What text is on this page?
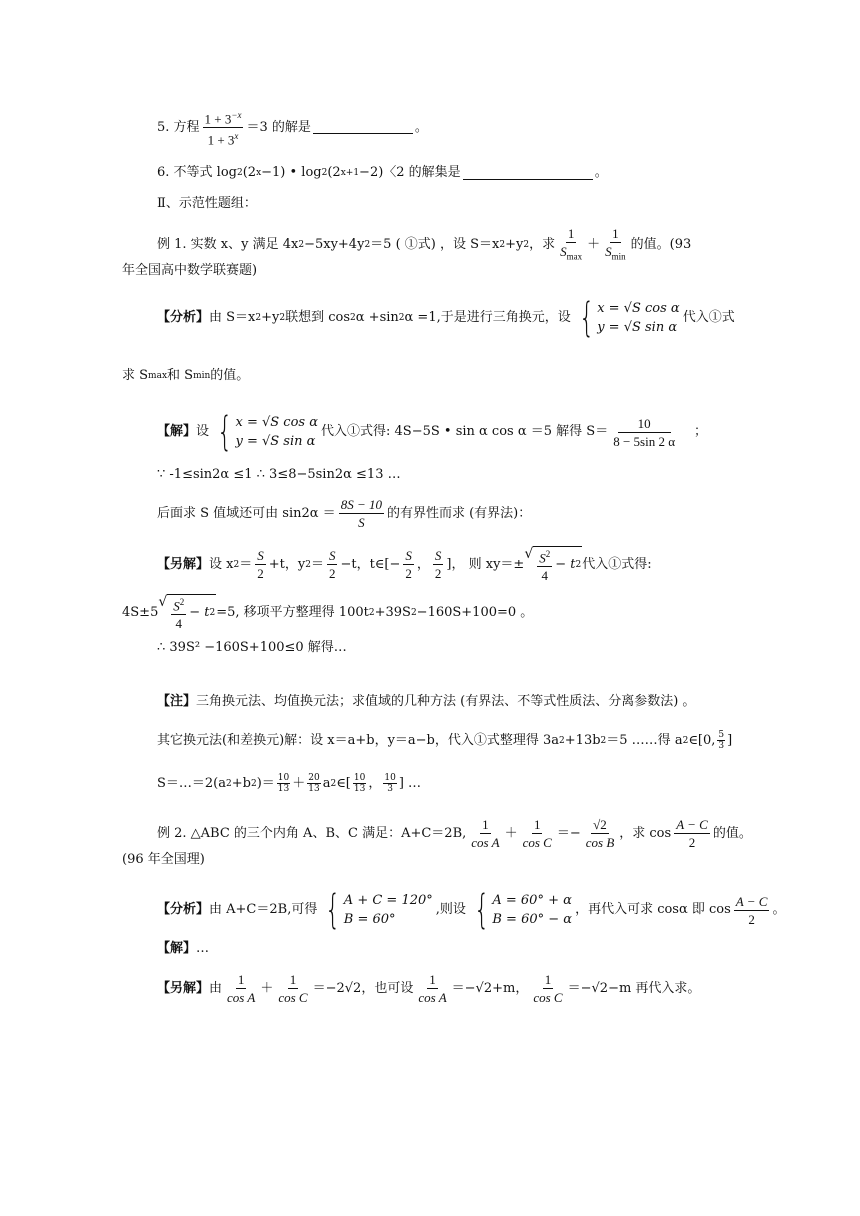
5. 方程 $\frac{1 + 3^{-x}}{1 + 3^x} =3$ 的解是	。
6. 不等式 log 2 (2 x −1) • log 2 (2 x+1 −2)〈2 的解集是	。
Ⅱ、示范性题组：
例 1. 实数 x、y 满足 4x 2 −5xy+4y 2 ＝5 ( ①式) ，设 S＝x 2 +y 2 ，求 $\frac{1}{S_{max}} + \frac{1}{S_{min}}$ 的值。(93
年全国高中数学联赛题)
【分析】 由 S＝x 2 +y 2 联想到 cos 2 α +sin 2 α =1,于是进行三角换元，设 { x = √S cos α
y = √S sin α
代入①式
求 S max 和 S min 的值。
【解】 设 { x = √S cos α
y = √S sin α
代入①式得: 4S−5S • sin α cos α ＝5 解得 $S= \frac{10}{8 - 5\sin 2 \alpha}$ ；
∵ -1≤sin2α ≤1 ∴ 3≤8−5sin2α ≤13 …
后面求 S 值域还可由 $\sin 2\alpha = \frac{8S - 10}{S}$ 的有界性而求 (有界法)：
【另解】 设 x $2 = \frac{S}{2} +t$，y $2 = \frac{S}{2} -t$，t∈[− $\frac{S}{2}$ ， $\frac{S}{2}$ ]， 则 xy＝±
√ $\frac{S^2}{4} - t$ 2 代入①式得:
4S±5
√ $\frac{S^2}{4} - t$ 2 =5, 移项平方整理得 100t 2 +39S 2 −160S+100=0 。
∴ 39S² −160S+100≤0 解得…
【注】 三角换元法、均值换元法；求值域的几种方法 (有界法、不等式性质法、分离参数法) 。
其它换元法(和差换元)解：设 x＝a+b，y＝a−b，代入①式整理得 3a 2 +13b 2 ＝5 ……得 a 2 ∈[0, $\frac{5}{3}$ ]
S＝…＝2(a 2 +b 2 )＝ $\frac{10}{13} + \frac{20}{13}$ a 2 ∈[ $\frac{10}{13}$ ， $\frac{10}{3}$ ] …
例 2. △ABC 的三个内角 A、B、C 满足：A+C＝2B, $\frac{1}{\text{cos A}} + \frac{1}{\text{cos C}} =- \frac{√2}{\text{cos B}}$ ，求 $\cos \frac{A - C}{2}$ 的值。
(96 年全国理)
【分析】 由 A+C＝2B,可得 { A + C = 120°
B = 60°
,则设 { A = 60° + α
B = 60° − α
，再代入可求 cosα 即 $\cos \frac{A - C}{2}$ 。
【解】 …
【另解】 由 $\frac{1}{\text{cos A}} + \frac{1}{\text{cos C}} =-2$ √2 ，也可设 $\frac{1}{\text{cos A}} =- √2 +m$， $\frac{1}{\text{cos C}} =- √2 -m$ 再代入求。
